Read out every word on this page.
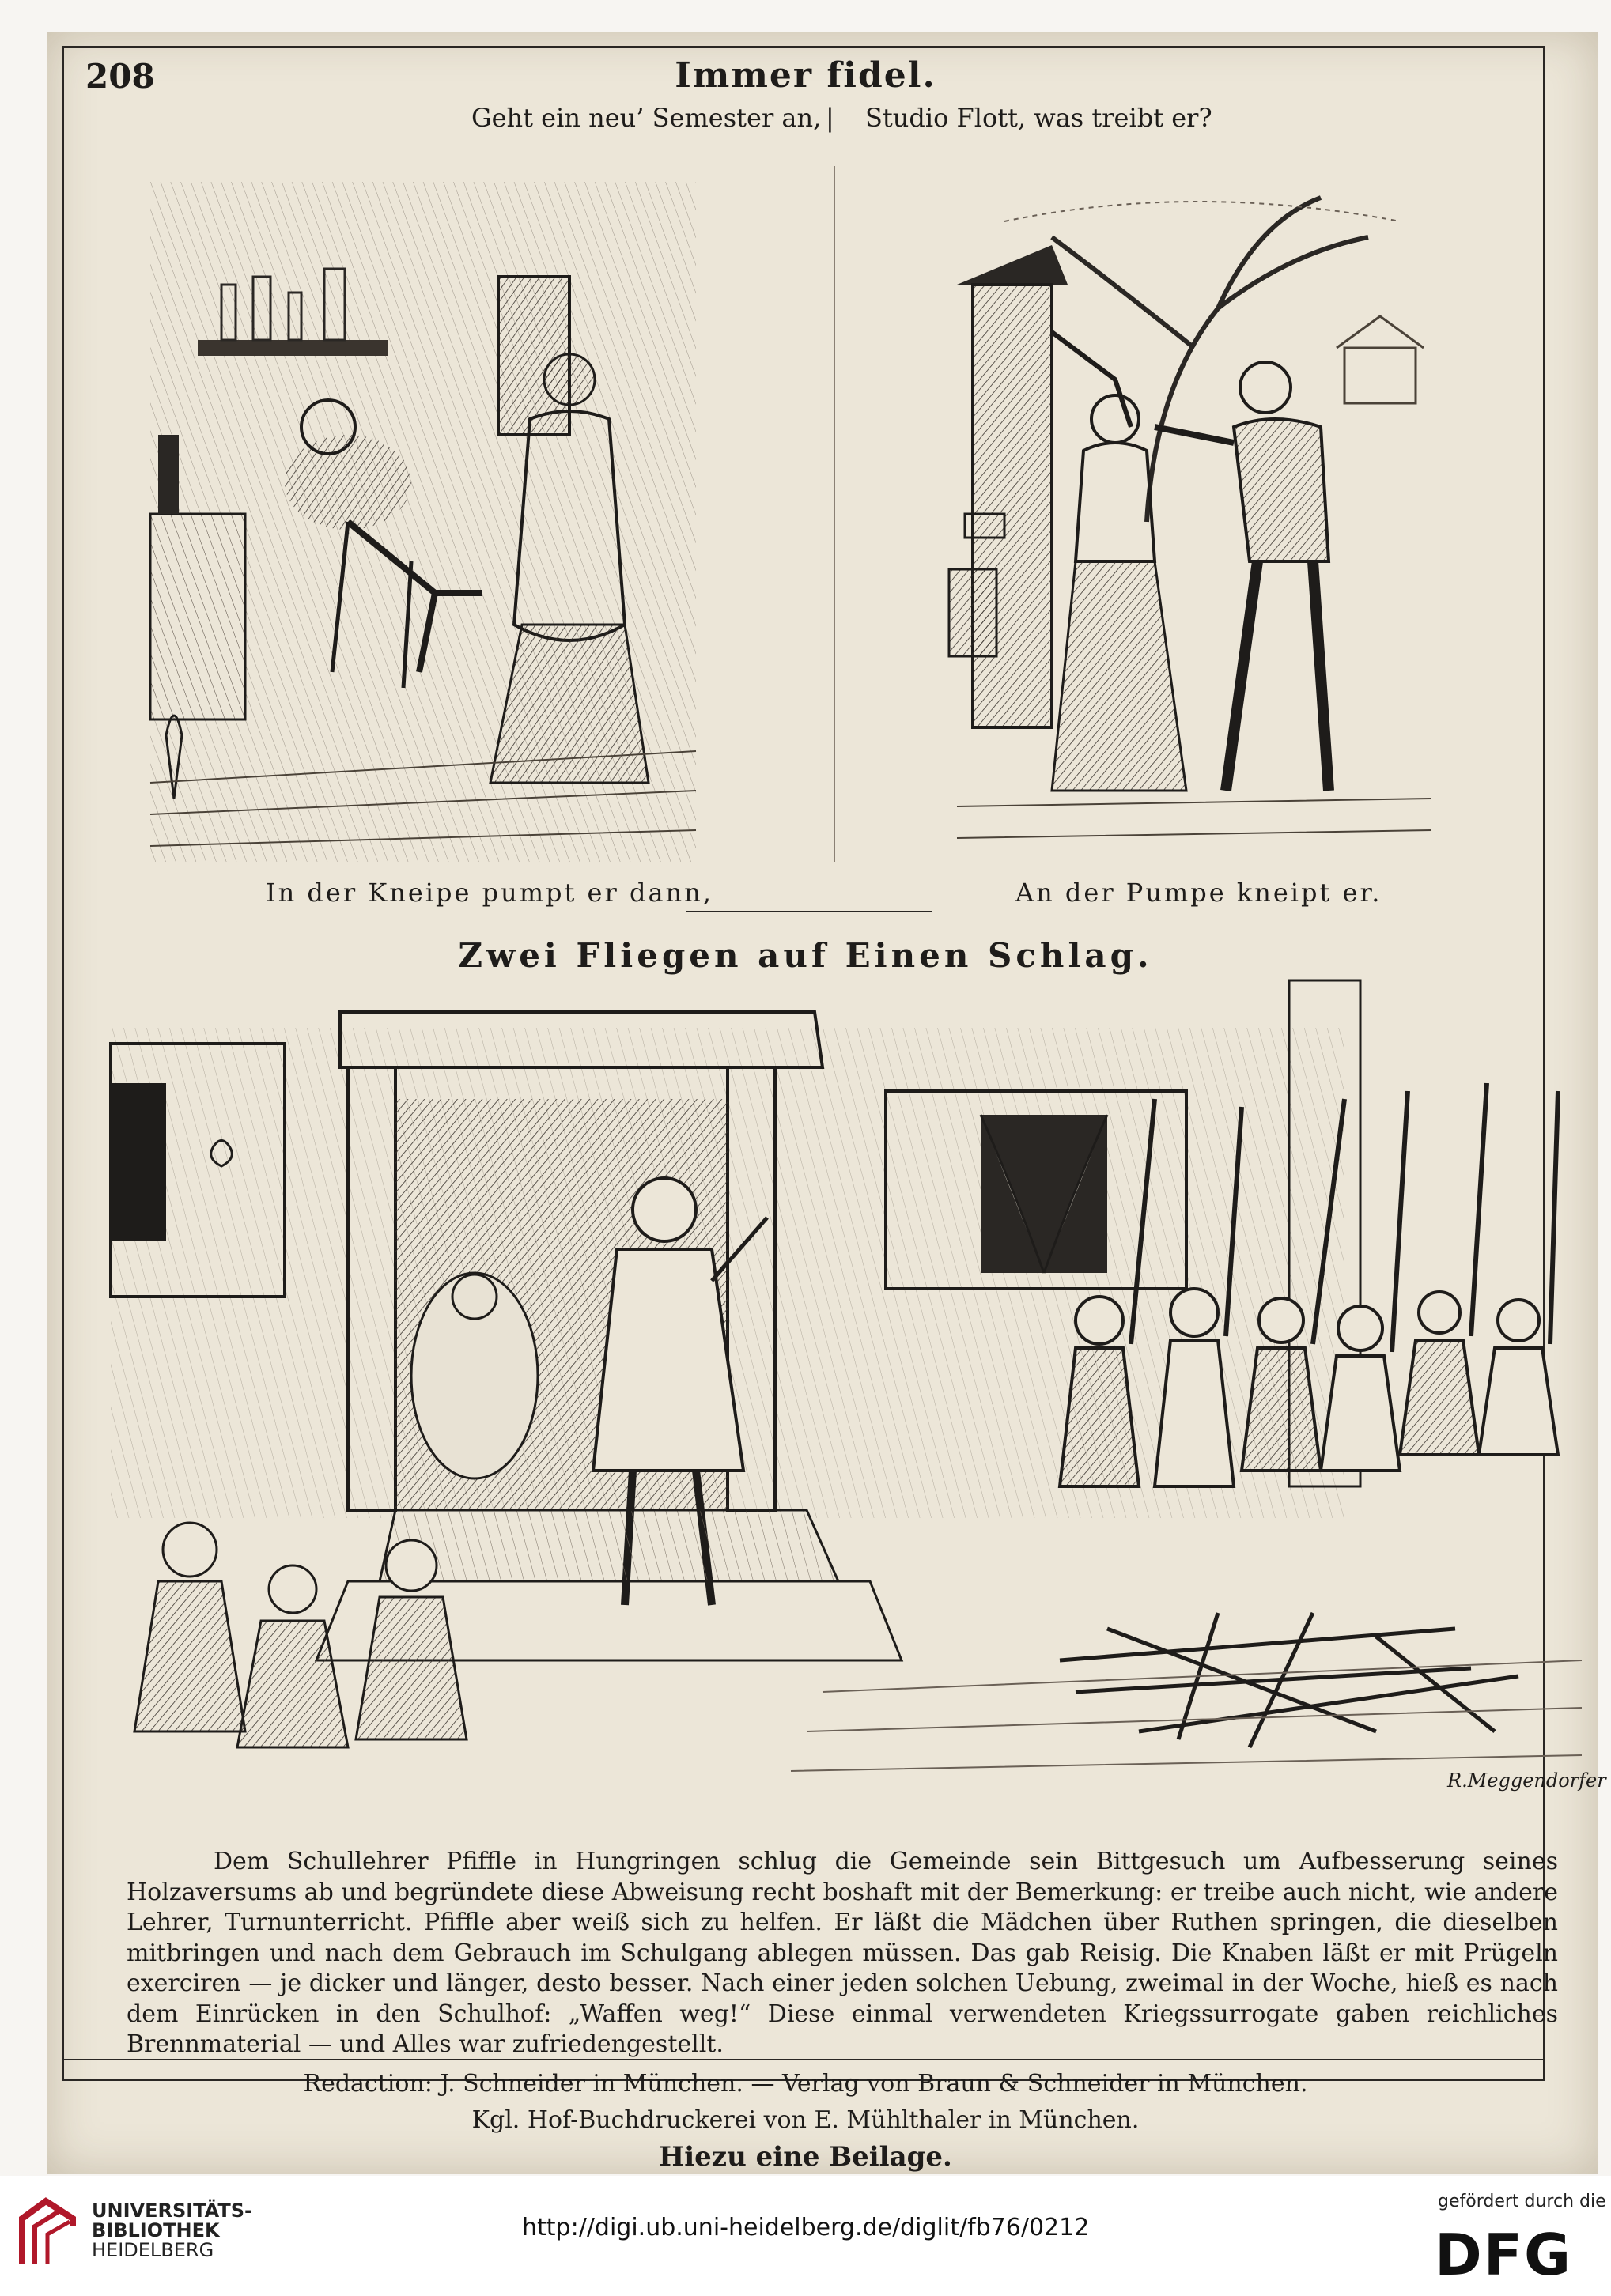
208	Immer fidel.
Geht ein neu’ Semester an, | Studio Flott, was treibt er?
In der Kneipe pumpt er dann,	An der Pumpe kneipt er.
Zwei Fliegen auf Einen Schlag.
R.Meggendorfer
Dem Schullehrer Pfiffle in Hungringen schlug die Gemeinde sein Bittgesuch um Aufbesserung seines Holzaversums ab und begründete diese Abweisung recht boshaft mit der Bemerkung: er treibe auch nicht, wie andere Lehrer, Turnunterricht. Pfiffle aber weiß sich zu helfen. Er läßt die Mädchen über Ruthen springen, die dieselben mitbringen und nach dem Gebrauch im Schulgang ablegen müssen. Das gab Reisig. Die Knaben läßt er mit Prügeln exerciren — je dicker und länger, desto besser. Nach einer jeden solchen Uebung, zweimal in der Woche, hieß es nach dem Einrücken in den Schulhof: „Waffen weg!“ Diese einmal verwendeten Kriegssurrogate gaben reichliches Brennmaterial — und Alles war zufriedengestellt.
Redaction: J. Schneider in München. — Verlag von Braun & Schneider in München.
Kgl. Hof-Buchdruckerei von E. Mühlthaler in München.
Hiezu eine Beilage.
UNIVERSITÄTS-
BIBLIOTHEK
HEIDELBERG
http://digi.ub.uni-heidelberg.de/diglit/fb76/0212
gefördert durch die
DFG
